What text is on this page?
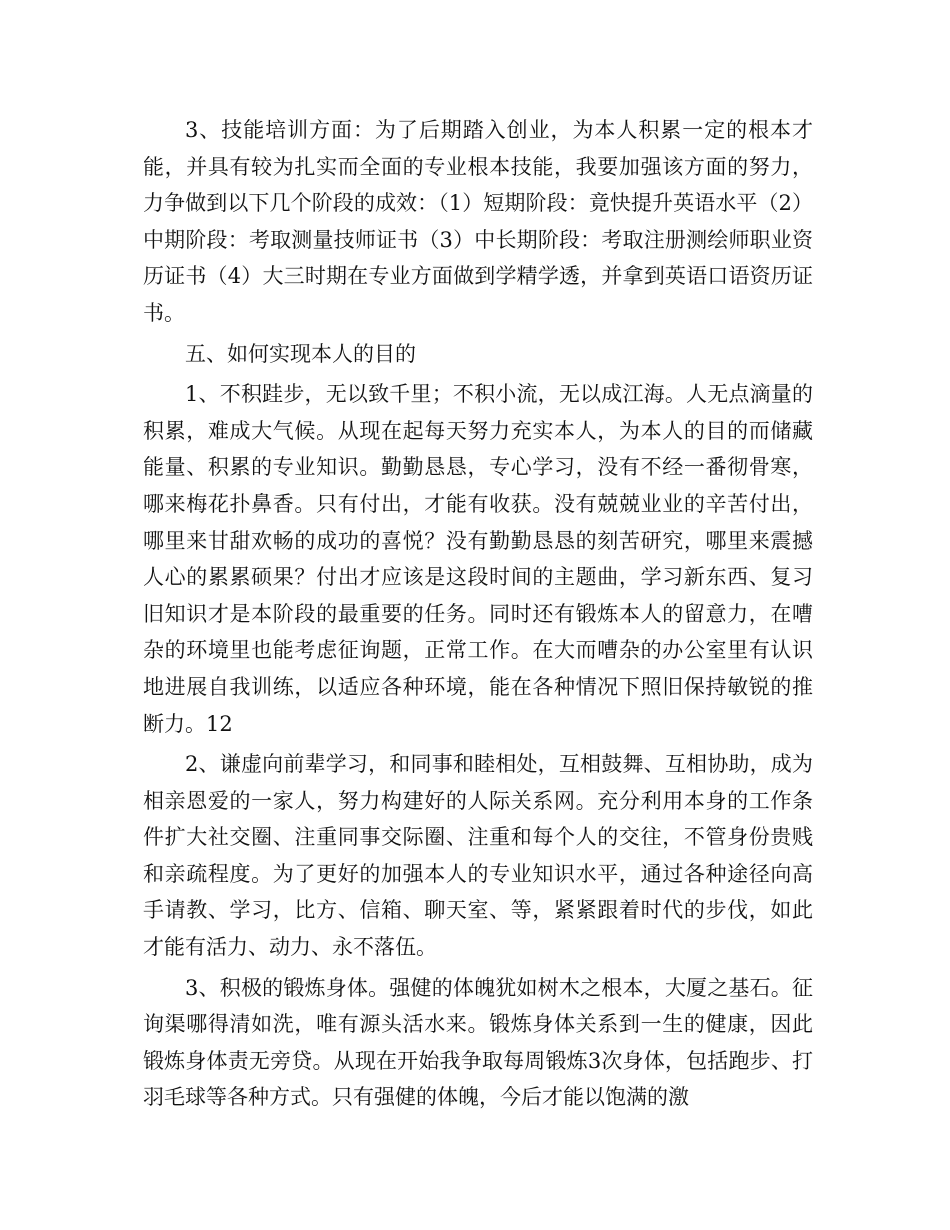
3、技能培训方面：为了后期踏入创业，为本人积累一定的根本才能，并具有较为扎实而全面的专业根本技能，我要加强该方面的努力，力争做到以下几个阶段的成效：（1）短期阶段：竟快提升英语水平（2）中期阶段：考取测量技师证书（3）中长期阶段：考取注册测绘师职业资历证书（4）大三时期在专业方面做到学精学透，并拿到英语口语资历证书。

五、如何实现本人的目的

1、不积跬步，无以致千里；不积小流，无以成江海。人无点滴量的积累，难成大气候。从现在起每天努力充实本人，为本人的目的而储藏能量、积累的专业知识。勤勤恳恳，专心学习，没有不经一番彻骨寒，哪来梅花扑鼻香。只有付出，才能有收获。没有兢兢业业的辛苦付出，哪里来甘甜欢畅的成功的喜悦？没有勤勤恳恳的刻苦研究，哪里来震撼人心的累累硕果？付出才应该是这段时间的主题曲，学习新东西、复习旧知识才是本阶段的最重要的任务。同时还有锻炼本人的留意力，在嘈杂的环境里也能考虑征询题，正常工作。在大而嘈杂的办公室里有认识地进展自我训练，以适应各种环境，能在各种情况下照旧保持敏锐的推断力。12

2、谦虚向前辈学习，和同事和睦相处，互相鼓舞、互相协助，成为相亲恩爱的一家人，努力构建好的人际关系网。充分利用本身的工作条件扩大社交圈、注重同事交际圈、注重和每个人的交往，不管身份贵贱和亲疏程度。为了更好的加强本人的专业知识水平，通过各种途径向高手请教、学习，比方、信箱、聊天室、等，紧紧跟着时代的步伐，如此才能有活力、动力、永不落伍。

3、积极的锻炼身体。强健的体魄犹如树木之根本，大厦之基石。征询渠哪得清如洗，唯有源头活水来。锻炼身体关系到一生的健康，因此锻炼身体责无旁贷。从现在开始我争取每周锻炼3次身体，包括跑步、打羽毛球等各种方式。只有强健的体魄，今后才能以饱满的激
